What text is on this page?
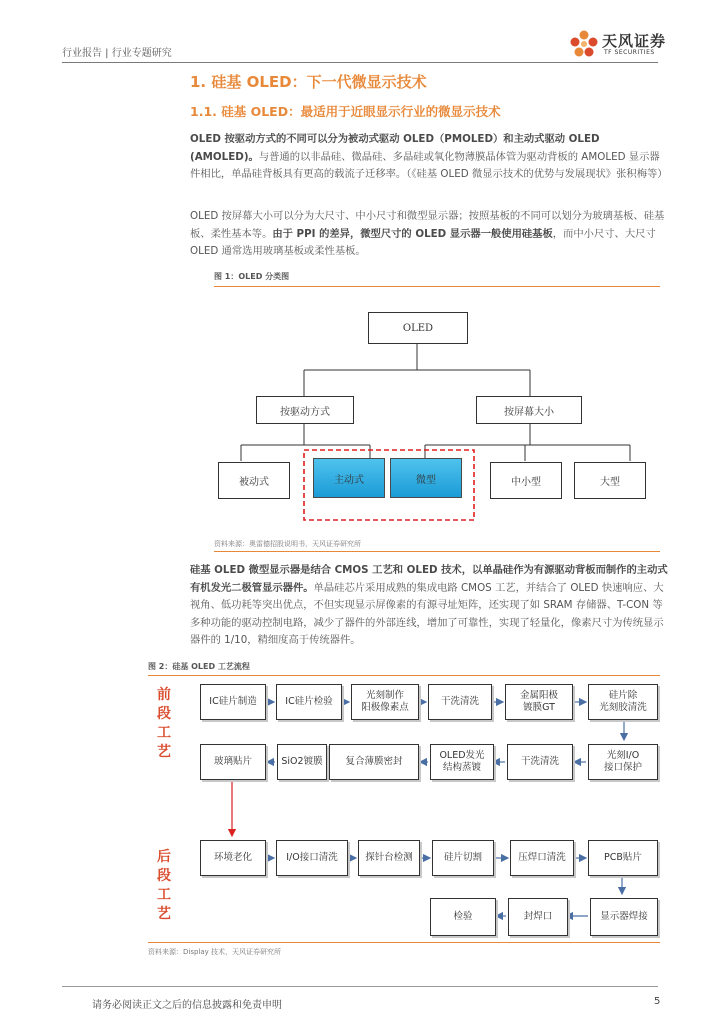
行业报告 | 行业专题研究
天风证券
TF SECURITIES
1. 硅基 OLED：下一代微显示技术
1.1. 硅基 OLED：最适用于近眼显示行业的微显示技术
OLED 按驱动方式的不同可以分为被动式驱动 OLED（PMOLED）和主动式驱动 OLED (AMOLED)。与普通的以非晶硅、微晶硅、多晶硅或氧化物薄膜晶体管为驱动背板的 AMOLED 显示器件相比，单晶硅背板具有更高的载流子迁移率。（《硅基 OLED 微显示技术的优势与发展现状》张积梅等）
OLED 按屏幕大小可以分为大尺寸、中小尺寸和微型显示器；按照基板的不同可以划分为玻璃基板、硅基板、柔性基本等。由于 PPI 的差异，微型尺寸的 OLED 显示器一般使用硅基板，而中小尺寸、大尺寸 OLED 通常选用玻璃基板或柔性基板。
图 1：OLED 分类图
OLED
按驱动方式	按屏幕大小
被动式	主动式	微型	中小型	大型
资料来源：奥雷德招股说明书，天风证券研究所
硅基 OLED 微型显示器是结合 CMOS 工艺和 OLED 技术，以单晶硅作为有源驱动背板而制作的主动式有机发光二极管显示器件。单晶硅芯片采用成熟的集成电路 CMOS 工艺，并结合了 OLED 快速响应、大视角、低功耗等突出优点，不但实现显示屏像素的有源寻址矩阵，还实现了如 SRAM 存储器、T-CON 等多种功能的驱动控制电路，减少了器件的外部连线，增加了可靠性，实现了轻量化，像素尺寸为传统显示器件的 1/10，精细度高于传统器件。
图 2：硅基 OLED 工艺流程
前段工艺
后段工艺
IC硅片制造	IC硅片检验
光刻制作
阳极像素点
干洗清洗
金属阳极
镀膜GT
硅片除
光刻胶清洗
玻璃贴片	SiO2镀膜	复合薄膜密封
OLED发光
结构蒸镀
干洗清洗
光刻I/O
接口保护
环境老化	I/O接口清洗	探针台检测	硅片切割	压焊口清洗	PCB贴片
检验	封焊口	显示器焊接
资料来源：Display 技术，天风证券研究所
请务必阅读正文之后的信息披露和免责申明	5
